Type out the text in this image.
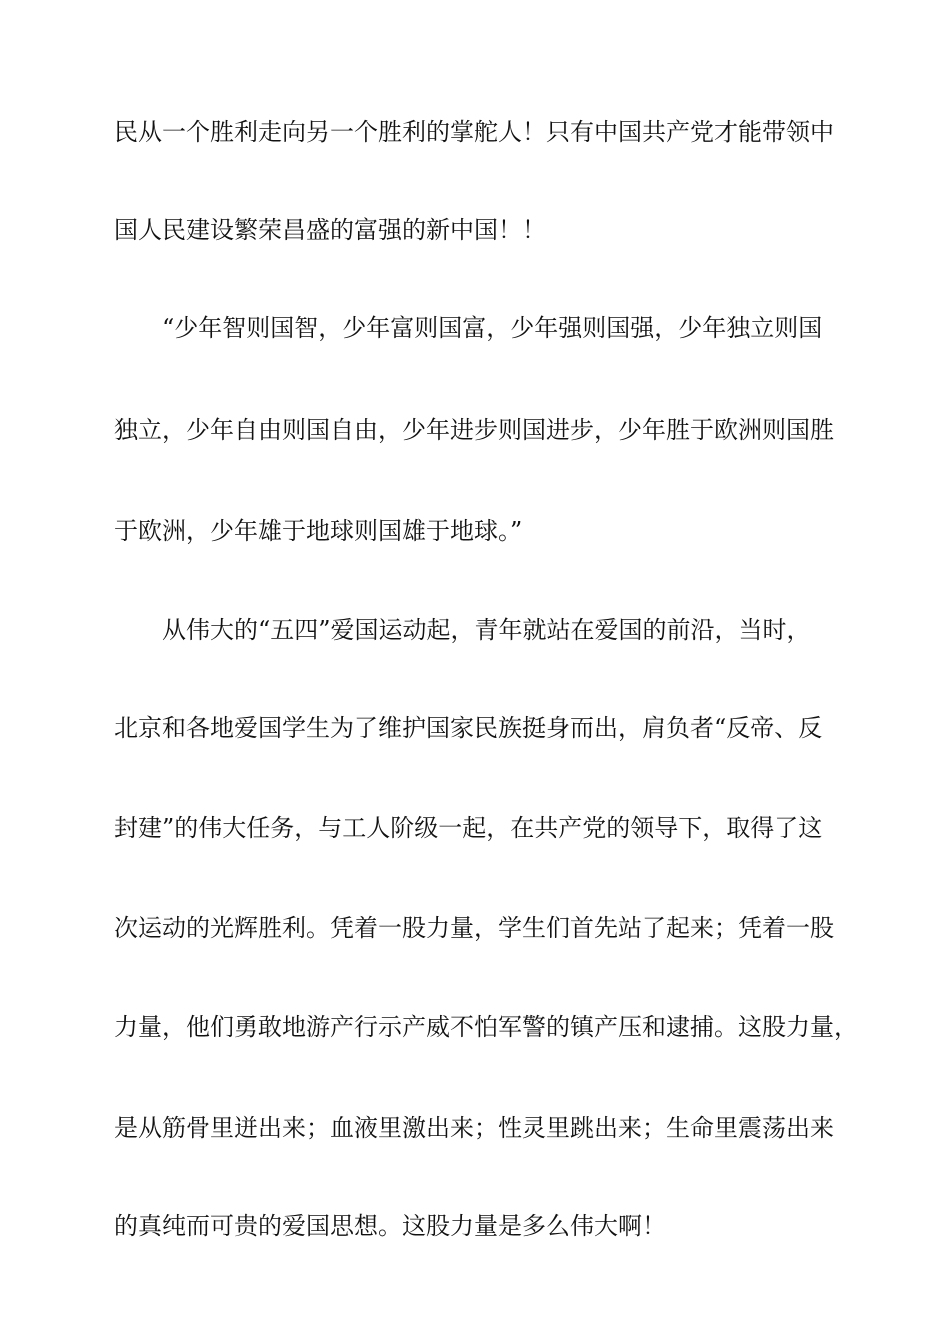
民从一个胜利走向另一个胜利的掌舵人！只有中国共产党才能带领中
国人民建设繁荣昌盛的富强的新中国！！
“少年智则国智，少年富则国富，少年强则国强，少年独立则国
独立，少年自由则国自由，少年进步则国进步，少年胜于欧洲则国胜
于欧洲，少年雄于地球则国雄于地球。”
从伟大的“五四”爱国运动起，青年就站在爱国的前沿，当时，
北京和各地爱国学生为了维护国家民族挺身而出，肩负者“反帝、反
封建”的伟大任务，与工人阶级一起，在共产党的领导下，取得了这
次运动的光辉胜利。凭着一股力量，学生们首先站了起来；凭着一股
力量，他们勇敢地游产行示产威不怕军警的镇产压和逮捕。这股力量，
是从筋骨里迸出来；血液里激出来；性灵里跳出来；生命里震荡出来
的真纯而可贵的爱国思想。这股力量是多么伟大啊！
